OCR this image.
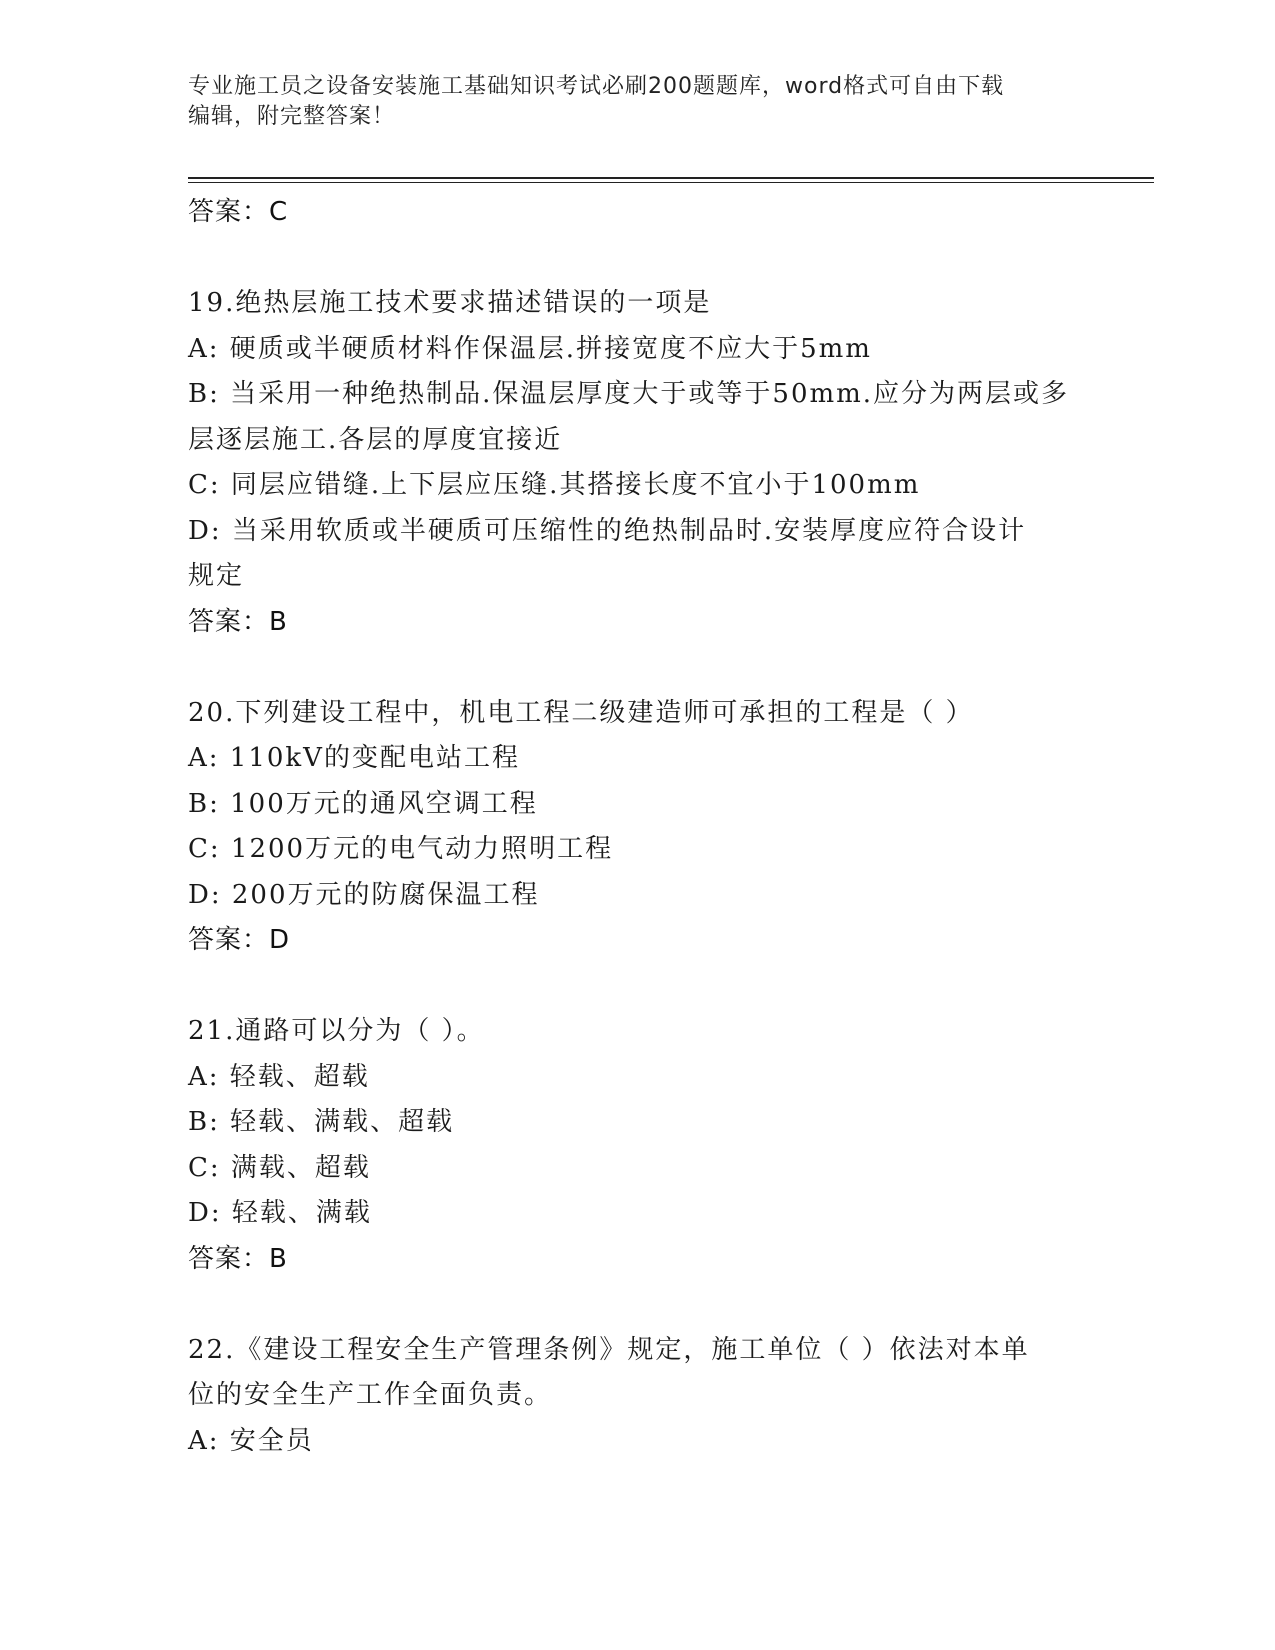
专业施工员之设备安装施工基础知识考试必刷200题题库，word格式可自由下载
编辑，附完整答案！
答案：C
19.绝热层施工技术要求描述错误的一项是
A: 硬质或半硬质材料作保温层.拼接宽度不应大于5mm
B: 当采用一种绝热制品.保温层厚度大于或等于50mm.应分为两层或多
层逐层施工.各层的厚度宜接近
C: 同层应错缝.上下层应压缝.其搭接长度不宜小于100mm
D: 当采用软质或半硬质可压缩性的绝热制品时.安装厚度应符合设计
规定
答案：B
20.下列建设工程中，机电工程二级建造师可承担的工程是（ ）
A: 110kV的变配电站工程
B: 100万元的通风空调工程
C: 1200万元的电气动力照明工程
D: 200万元的防腐保温工程
答案：D
21.通路可以分为（ ）。
A: 轻载、超载
B: 轻载、满载、超载
C: 满载、超载
D: 轻载、满载
答案：B
22.《建设工程安全生产管理条例》规定，施工单位（ ）依法对本单
位的安全生产工作全面负责。
A: 安全员
